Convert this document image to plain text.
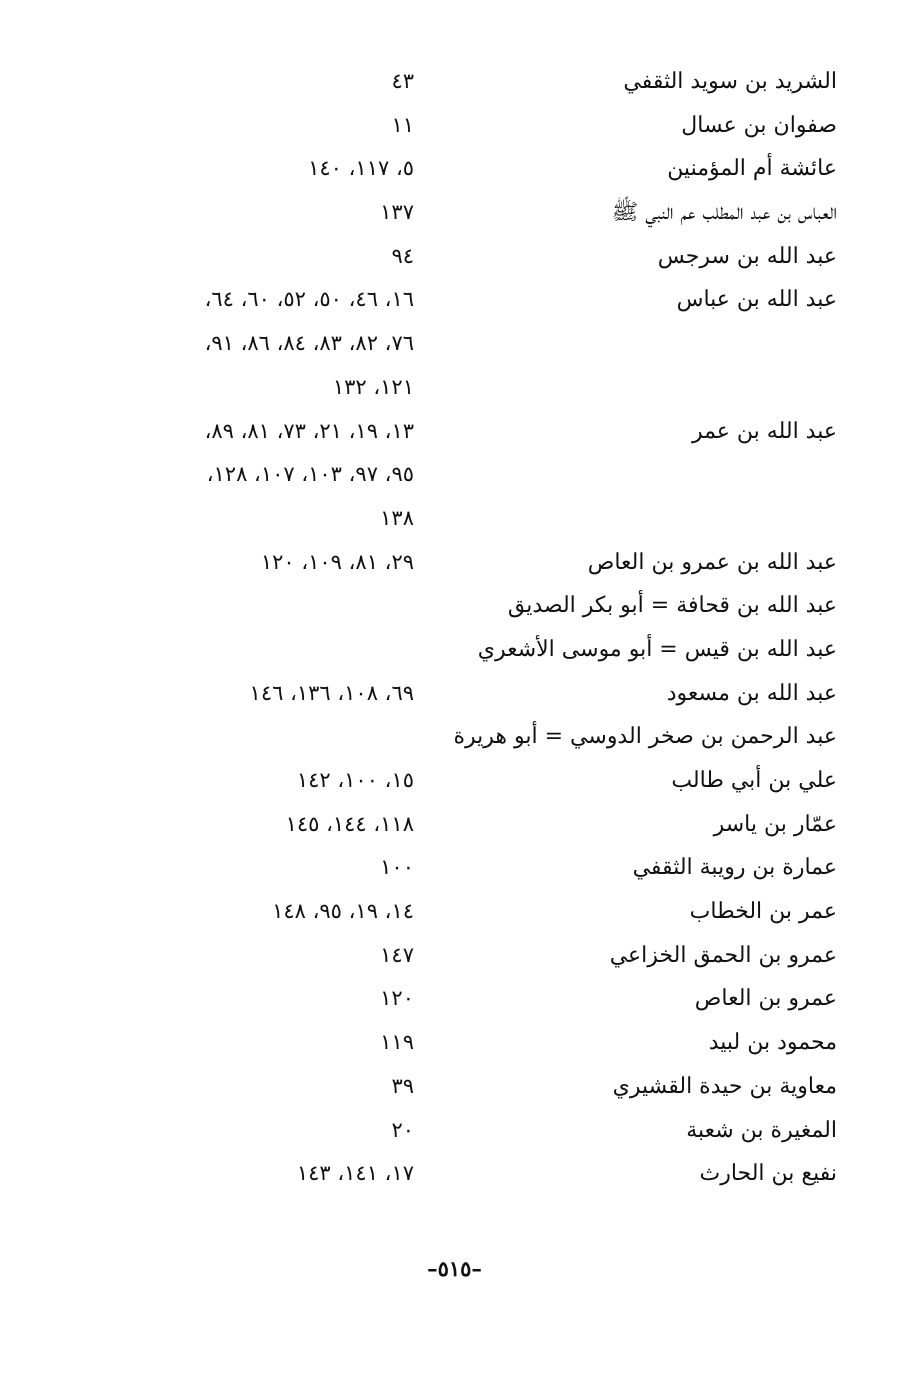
الشريد بن سويد الثقفي
٤٣
صفوان بن عسال
١١
عائشة أم المؤمنين
٥، ١١٧، ١٤٠
العباس بن عبد المطلب عم النبي ﷺ
١٣٧
عبد الله بن سرجس
٩٤
عبد الله بن عباس
١٦، ٤٦، ٥٠، ٥٢، ٦٠، ٦٤،
٧٦، ٨٢، ٨٣، ٨٤، ٨٦، ٩١،
١٢١، ١٣٢
عبد الله بن عمر
١٣، ١٩، ٢١، ٧٣، ٨١، ٨٩،
٩٥، ٩٧، ١٠٣، ١٠٧، ١٢٨،
١٣٨
عبد الله بن عمرو بن العاص
٢٩، ٨١، ١٠٩، ١٢٠
عبد الله بن قحافة = أبو بكر الصديق
عبد الله بن قيس = أبو موسى الأشعري
عبد الله بن مسعود
٦٩، ١٠٨، ١٣٦، ١٤٦
عبد الرحمن بن صخر الدوسي = أبو هريرة
علي بن أبي طالب
١٥، ١٠٠، ١٤٢
عمّار بن ياسر
١١٨، ١٤٤، ١٤٥
عمارة بن رويبة الثقفي
١٠٠
عمر بن الخطاب
١٤، ١٩، ٩٥، ١٤٨
عمرو بن الحمق الخزاعي
١٤٧
عمرو بن العاص
١٢٠
محمود بن لبيد
١١٩
معاوية بن حيدة القشيري
٣٩
المغيرة بن شعبة
٢٠
نفيع بن الحارث
١٧، ١٤١، ١٤٣
–٥١٥–
